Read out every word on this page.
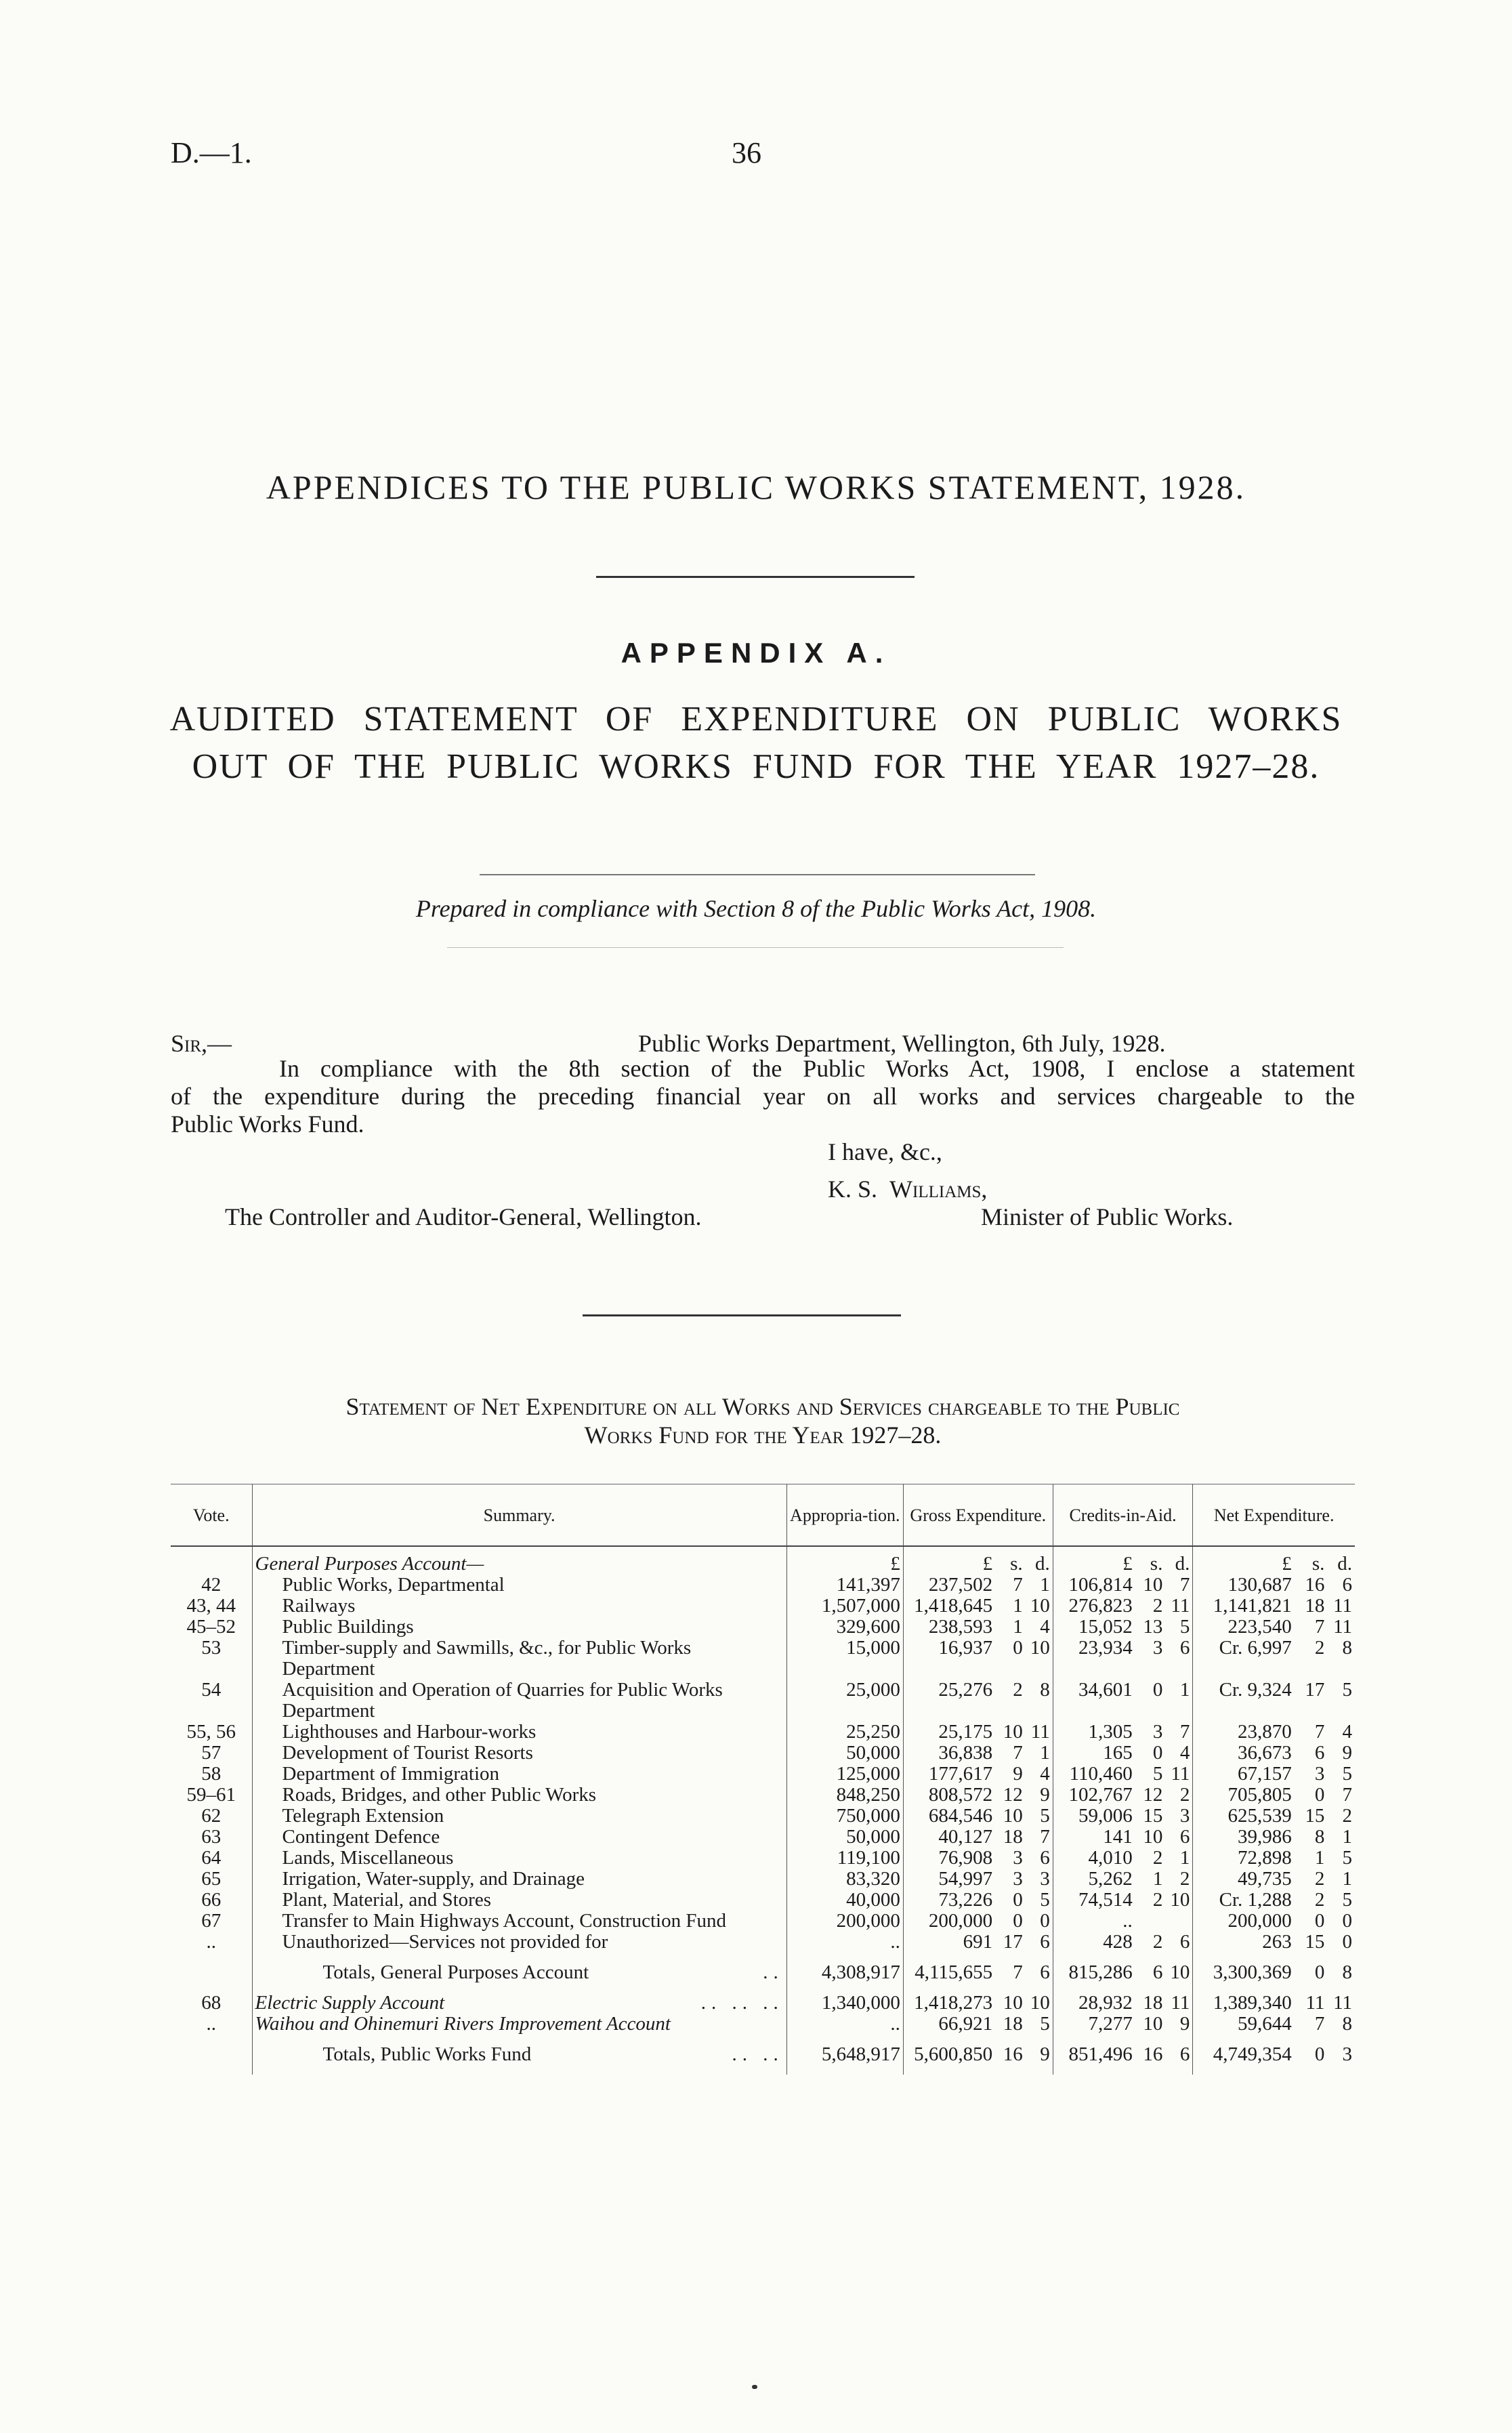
D.—1.	36
APPENDICES TO THE PUBLIC WORKS STATEMENT, 1928.
APPENDIX A.
AUDITED STATEMENT OF EXPENDITURE ON PUBLIC WORKS
OUT OF THE PUBLIC WORKS FUND FOR THE YEAR 1927–28.
Prepared in compliance with Section 8 of the Public Works Act, 1908.
Sir,—	Public Works Department, Wellington, 6th July, 1928.
In compliance with the 8th section of the Public Works Act, 1908, I enclose a statement
of the expenditure during the preceding financial year on all works and services chargeable to the
Public Works Fund.
I have, &c.,
K. S. Williams,
Minister of Public Works.
The Controller and Auditor-General, Wellington.
Statement of Net Expenditure on all Works and Services chargeable to the Public
Works Fund for the Year 1927–28.
Vote.	Summary.	Appropria-tion.	Gross Expenditure.			Credits-in-Aid.			Net Expenditure.		

	General Purposes Account—	£	£	s.	d.	£	s.	d.	£	s.	d.
42	Public Works, Departmental	141,397	237,502	7	1	106,814	10	7	130,687	16	6
43, 44	Railways	1,507,000	1,418,645	1	10	276,823	2	11	1,141,821	18	11
45–52	Public Buildings	329,600	238,593	1	4	15,052	13	5	223,540	7	11
53	Timber-supply and Sawmills, &c., for Public Works Department	15,000	16,937	0	10	23,934	3	6	Cr. 6,997	2	8
54	Acquisition and Operation of Quarries for Public Works Department	25,000	25,276	2	8	34,601	0	1	Cr. 9,324	17	5
55, 56	Lighthouses and Harbour-works	25,250	25,175	10	11	1,305	3	7	23,870	7	4
57	Development of Tourist Resorts	50,000	36,838	7	1	165	0	4	36,673	6	9
58	Department of Immigration	125,000	177,617	9	4	110,460	5	11	67,157	3	5
59–61	Roads, Bridges, and other Public Works	848,250	808,572	12	9	102,767	12	2	705,805	0	7
62	Telegraph Extension	750,000	684,546	10	5	59,006	15	3	625,539	15	2
63	Contingent Defence	50,000	40,127	18	7	141	10	6	39,986	8	1
64	Lands, Miscellaneous	119,100	76,908	3	6	4,010	2	1	72,898	1	5
65	Irrigation, Water-supply, and Drainage	83,320	54,997	3	3	5,262	1	2	49,735	2	1
66	Plant, Material, and Stores	40,000	73,226	0	5	74,514	2	10	Cr. 1,288	2	5
67	Transfer to Main Highways Account, Construction Fund	200,000	200,000	0	0	..			200,000	0	0
..	Unauthorized—Services not provided for	..	691	17	6	428	2	6	263	15	0
	Totals, General Purposes Account ..	4,308,917	4,115,655	7	6	815,286	6	10	3,300,369	0	8
68	Electric Supply Account .. .. ..	1,340,000	1,418,273	10	10	28,932	18	11	1,389,340	11	11
..	Waihou and Ohinemuri Rivers Improvement Account	..	66,921	18	5	7,277	10	9	59,644	7	8
	Totals, Public Works Fund .. ..	5,648,917	5,600,850	16	9	851,496	16	6	4,749,354	0	3
